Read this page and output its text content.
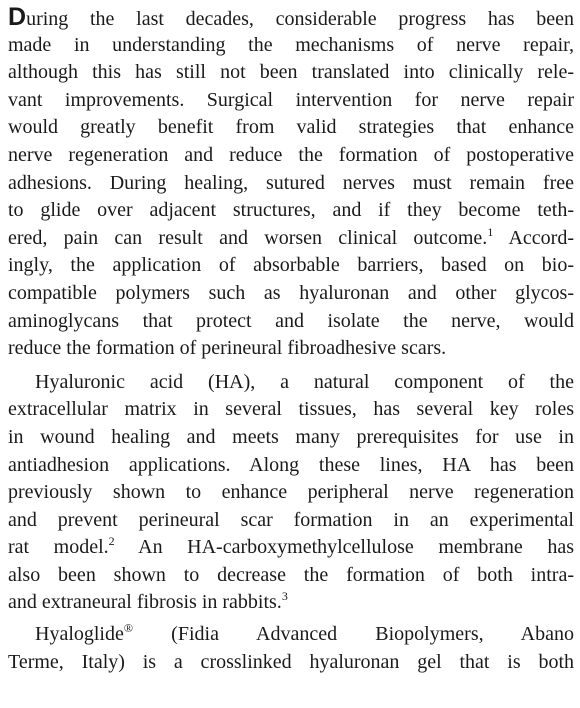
During the last decades, considerable progress has been
made in understanding the mechanisms of nerve repair,
although this has still not been translated into clinically rele-
vant improvements. Surgical intervention for nerve repair
would greatly benefit from valid strategies that enhance
nerve regeneration and reduce the formation of postoperative
adhesions. During healing, sutured nerves must remain free
to glide over adjacent structures, and if they become teth-
ered, pain can result and worsen clinical outcome.$^1$ Accord-
ingly, the application of absorbable barriers, based on bio-
compatible polymers such as hyaluronan and other glycos-
aminoglycans that protect and isolate the nerve, would
reduce the formation of perineural fibroadhesive scars.
Hyaluronic acid (HA), a natural component of the
extracellular matrix in several tissues, has several key roles
in wound healing and meets many prerequisites for use in
antiadhesion applications. Along these lines, HA has been
previously shown to enhance peripheral nerve regeneration
and prevent perineural scar formation in an experimental
rat model.$^2$ An HA-carboxymethylcellulose membrane has
also been shown to decrease the formation of both intra-
and extraneural fibrosis in rabbits.$^3$
Hyaloglide® (Fidia Advanced Biopolymers, Abano
Terme, Italy) is a crosslinked hyaluronan gel that is both
